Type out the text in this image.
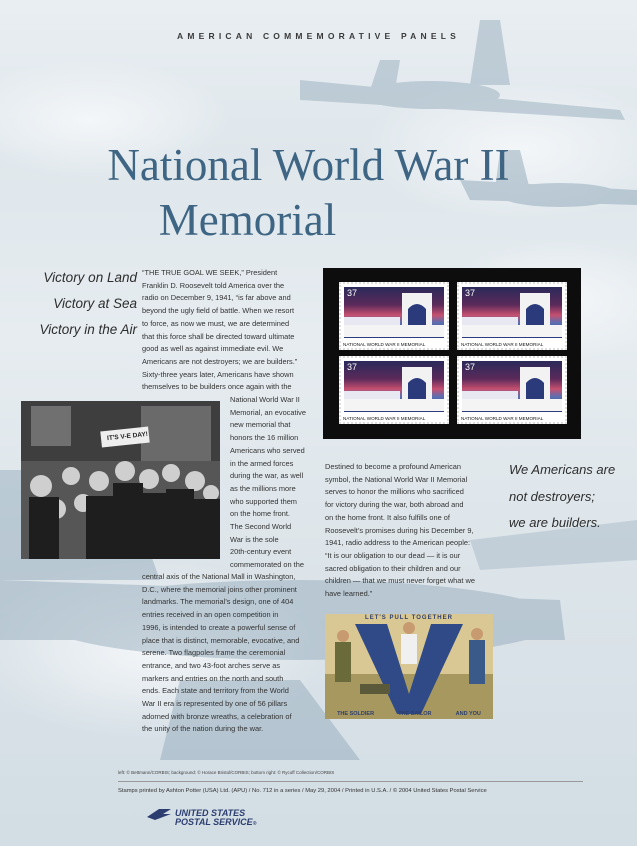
AMERICAN COMMEMORATIVE PANELS
National World War II
Memorial
Victory on Land
Victory at Sea
Victory in the Air
“THE TRUE GOAL WE SEEK,” President
Franklin D. Roosevelt told America over the
radio on December 9, 1941, “is far above and
beyond the ugly field of battle. When we resort
to force, as now we must, we are determined
that this force shall be directed toward ultimate
good as well as against immediate evil. We
Americans are not destroyers; we are builders.”
Sixty-three years later, Americans have shown
themselves to be builders once again with the
National World War II
Memorial, an evocative
new memorial that
honors the 16 million
Americans who served
in the armed forces
during the war, as well
as the millions more
who supported them
on the home front.
The Second World
War is the sole
20th-century event
commemorated on the
central axis of the National Mall in Washington,
D.C., where the memorial joins other prominent
landmarks. The memorial’s design, one of 404
entries received in an open competition in
1996, is intended to create a powerful sense of
place that is distinct, memorable, evocative, and
serene. Two flagpoles frame the ceremonial
entrance, and two 43-foot arches serve as
markers and entries on the north and south
ends. Each state and territory from the World
War II era is represented by one of 56 pillars
adorned with bronze wreaths, a celebration of
the unity of the nation during the war.
IT'S V-E DAY!
37
NATIONAL WORLD WAR II MEMORIAL
37
NATIONAL WORLD WAR II MEMORIAL
37
NATIONAL WORLD WAR II MEMORIAL
37
NATIONAL WORLD WAR II MEMORIAL
Destined to become a profound American
symbol, the National World War II Memorial
serves to honor the millions who sacrificed
for victory during the war, both abroad and
on the home front. It also fulfills one of
Roosevelt’s promises during his December 9,
1941, radio address to the American people:
“It is our obligation to our dead — it is our
sacred obligation to their children and our
children — that we must never forget what we
have learned.”
We Americans are
not destroyers;
we are builders.
LET'S PULL TOGETHER
THE SOLDIER	THE SAILOR	AND YOU
left: © Bettmann/CORBIS; background: © Horace Bristol/CORBIS; bottom right: © Rycoff Collection/CORBIS
Stamps printed by Ashton Potter (USA) Ltd. (APU) / No. 712 in a series / May 29, 2004 / Printed in U.S.A. / © 2004 United States Postal Service
UNITED STATES
POSTAL SERVICE®
